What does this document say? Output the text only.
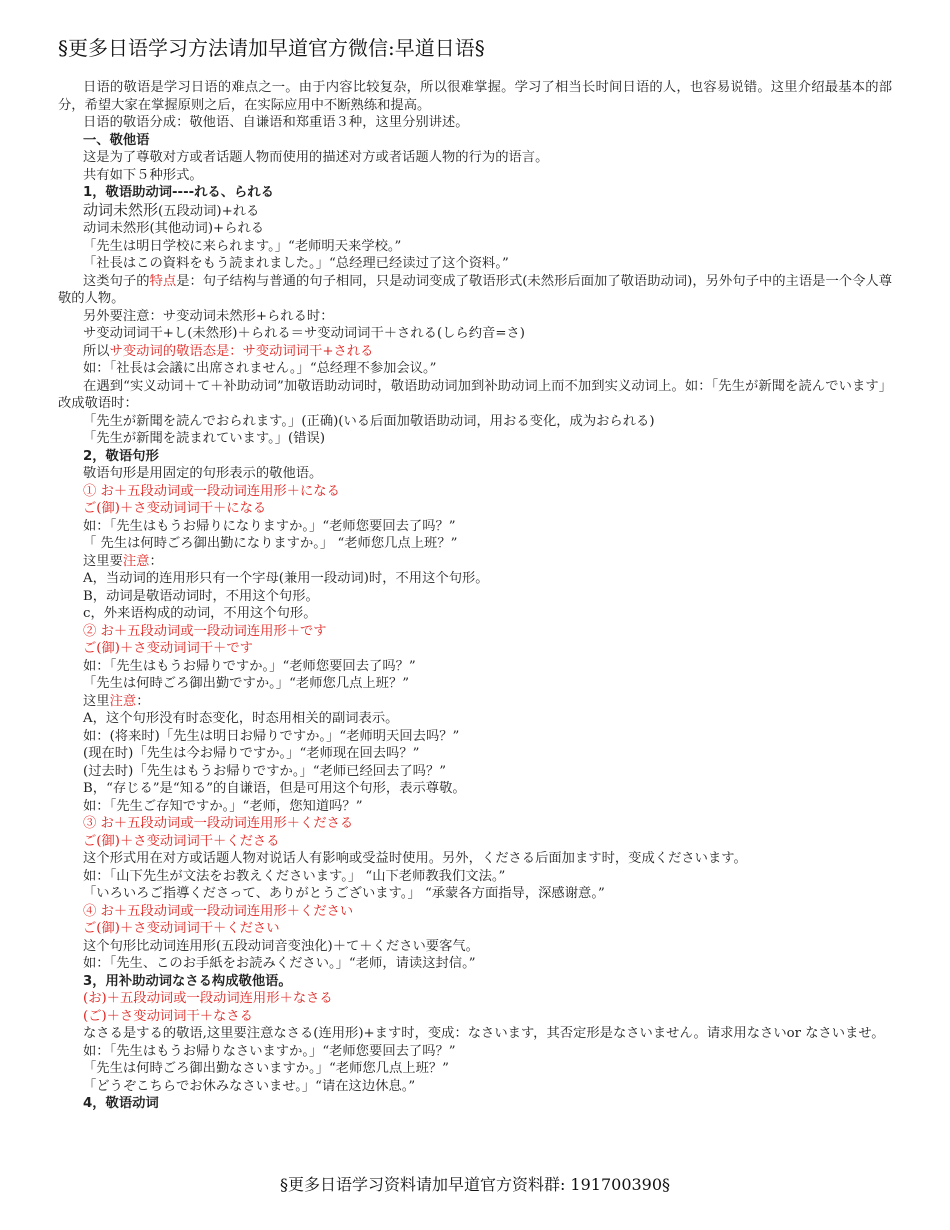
§更多日语学习方法请加早道官方微信:早道日语§
日语的敬语是学习日语的难点之一。由于内容比较复杂，所以很难掌握。学习了相当长时间日语的人，也容易说错。这里介绍最基本的部分，希望大家在掌握原则之后，在实际应用中不断熟练和提高。
日语的敬语分成：敬他语、自谦语和郑重语３种，这里分别讲述。
一、敬他语
这是为了尊敬对方或者话题人物而使用的描述对方或者话题人物的行为的语言。
共有如下５种形式。
1，敬语助动词----れる、られる
动词未然形(五段动词)+れる
动词未然形(其他动词)+られる
「先生は明日学校に来られます。」“老师明天来学校。”
「社長はこの資料をもう読まれました。」“总经理已经读过了这个资料。”
这类句子的特点是：句子结构与普通的句子相同，只是动词变成了敬语形式(未然形后面加了敬语助动词)，另外句子中的主语是一个令人尊敬的人物。
另外要注意：サ变动词未然形+られる时：
サ变动词词干+し(未然形)＋られる＝サ变动词词干＋される(しら约音=さ)
所以サ变动词的敬语态是：サ变动词词干+される
如：「社長は会議に出席されません。」“总经理不参加会议。”
在遇到“实义动词＋て＋补助动词”加敬语助动词时，敬语助动词加到补助动词上而不加到实义动词上。如：「先生が新聞を読んでいます」改成敬语时：
「先生が新聞を読んでおられます。」(正确)(いる后面加敬语助动词，用おる变化，成为おられる)
「先生が新聞を読まれています。」(错误)
2，敬语句形
敬语句形是用固定的句形表示的敬他语。
① お＋五段动词或一段动词连用形＋になる
ご(御)＋さ变动词词干＋になる
如：「先生はもうお帰りになりますか。」“老师您要回去了吗？”
「 先生は何時ごろ御出勤になりますか。」 “老师您几点上班？”
这里要注意：
A，当动词的连用形只有一个字母(兼用一段动词)时，不用这个句形。
B，动词是敬语动词时，不用这个句形。
c，外来语构成的动词，不用这个句形。
② お＋五段动词或一段动词连用形＋です
ご(御)＋さ变动词词干＋です
如：「先生はもうお帰りですか。」“老师您要回去了吗？”
「先生は何時ごろ御出勤ですか。」“老师您几点上班？”
这里注意：
A，这个句形没有时态变化，时态用相关的副词表示。
如：(将来时)「先生は明日お帰りですか。」“老师明天回去吗？”
(现在时)「先生は今お帰りですか。」“老师现在回去吗？”
(过去时)「先生はもうお帰りですか。」“老师已经回去了吗？”
B，“存じる”是“知る”的自谦语，但是可用这个句形，表示尊敬。
如：「先生ご存知ですか。」“老师，您知道吗？”
③ お＋五段动词或一段动词连用形＋くださる
ご(御)＋さ变动词词干＋くださる
这个形式用在对方或话题人物对说话人有影响或受益时使用。另外，くださる后面加ます时，变成くださいます。
如：「山下先生が文法をお教えくださいます。」 “山下老师教我们文法。”
「いろいろご指導くださって、ありがとうございます。」 “承蒙各方面指导，深感谢意。”
④ お＋五段动词或一段动词连用形＋ください
ご(御)＋さ变动词词干＋ください
这个句形比动词连用形(五段动词音变浊化)＋て＋ください要客气。
如：「先生、このお手紙をお読みください。」“老师，请读这封信。”
3，用补助动词なさる构成敬他语。
(お)＋五段动词或一段动词连用形＋なさる
(ご)＋さ变动词词干＋なさる
なさる是する的敬语,这里要注意なさる(连用形)+ます时，变成：なさいます，其否定形是なさいません。请求用なさいor なさいませ。
如：「先生はもうお帰りなさいますか。」“老师您要回去了吗？”
「先生は何時ごろ御出勤なさいますか。」“老师您几点上班？”
「どうぞこちらでお休みなさいませ。」“请在这边休息。”
4，敬语动词
§更多日语学习资料请加早道官方资料群: 191700390§
